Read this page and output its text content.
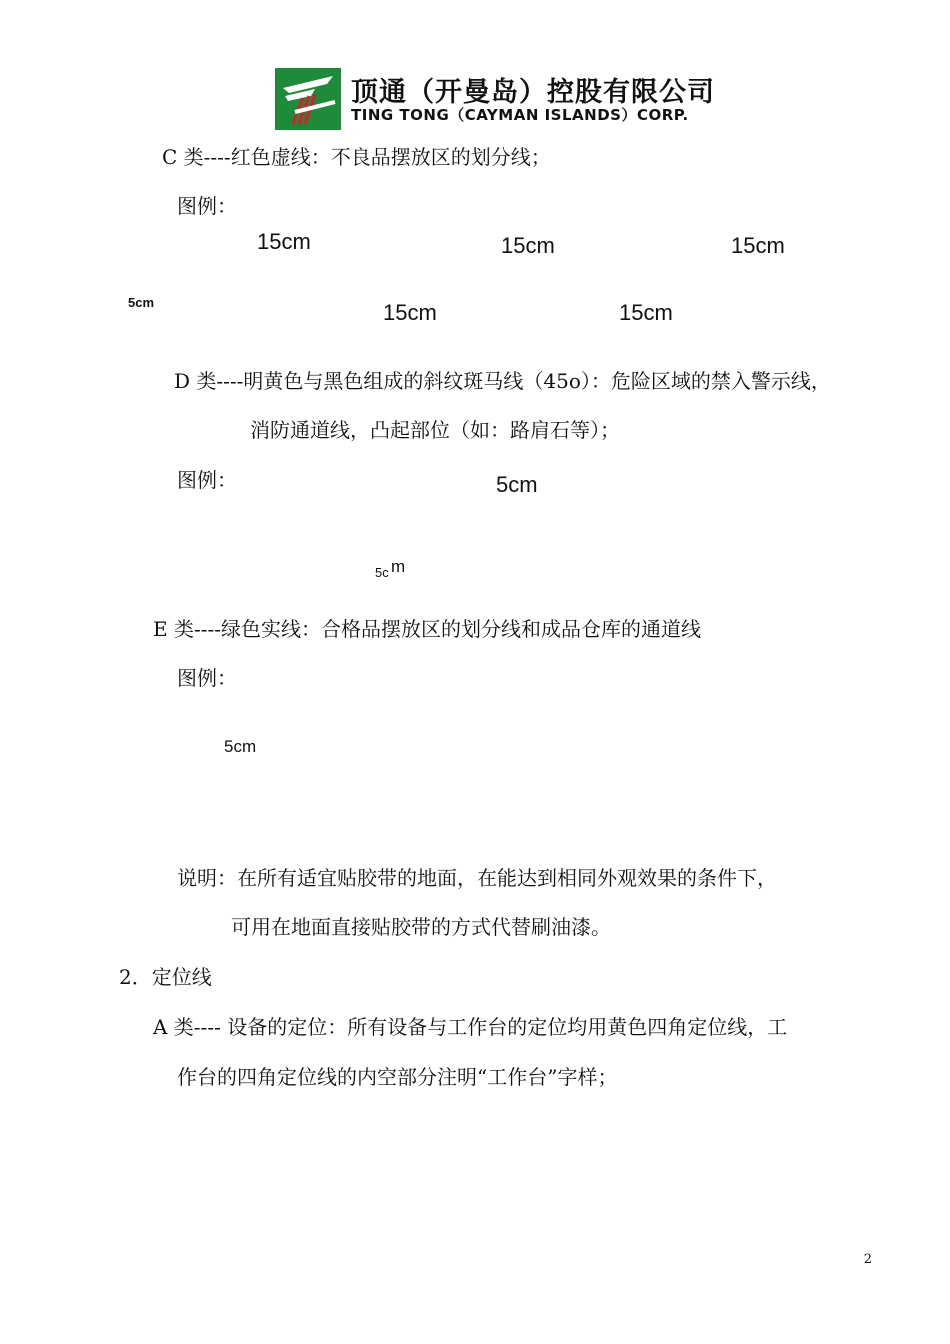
顶通（开曼岛）控股有限公司
TING TONG（CAYMAN ISLANDS）CORP.
C 类----红色虚线：不良品摆放区的划分线；
图例：
15cm	15cm	15cm
5cm	15cm	15cm
D 类----明黄色与黑色组成的斜纹斑马线（45o）：危险区域的禁入警示线，
消防通道线，凸起部位（如：路肩石等）；
图例：	5cm
5c m
E 类----绿色实线：合格品摆放区的划分线和成品仓库的通道线
图例：
5cm
说明：在所有适宜贴胶带的地面，在能达到相同外观效果的条件下，
可用在地面直接贴胶带的方式代替刷油漆。
2．定位线
A 类---- 设备的定位：所有设备与工作台的定位均用黄色四角定位线，工
作台的四角定位线的内空部分注明“工作台”字样；
2
